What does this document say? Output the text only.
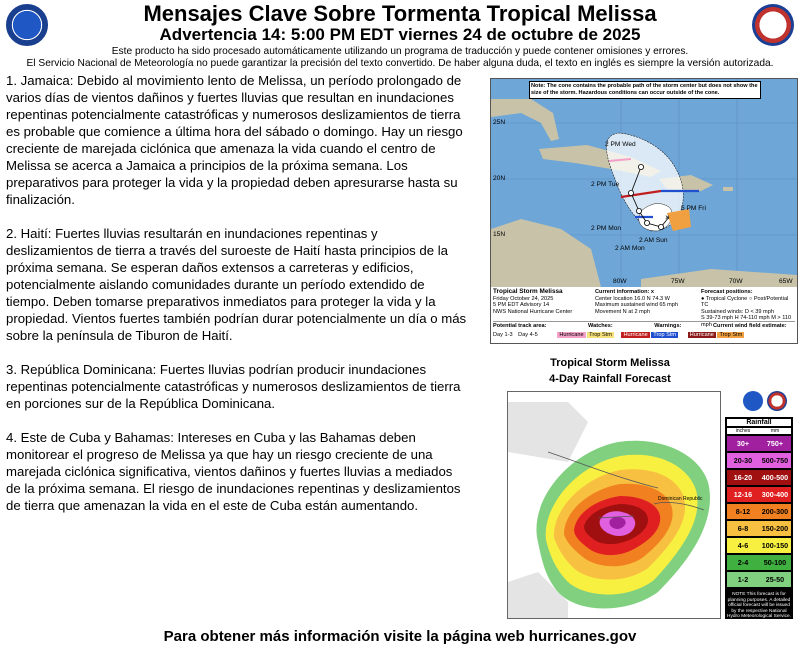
Mensajes Clave Sobre Tormenta Tropical Melissa
Advertencia 14: 5:00 PM EDT viernes 24 de octubre de 2025
Este producto ha sido procesado automáticamente utilizando un programa de traducción y puede contener omisiones y errores.
El Servicio Nacional de Meteorología no puede garantizar la precisión del texto convertido. De haber alguna duda, el texto en inglés es siempre la versión autorizada.

1. Jamaica: Debido al movimiento lento de Melissa, un período prolongado de varios días de vientos dañinos y fuertes lluvias que resultan en inundaciones repentinas potencialmente catastróficas y numerosos deslizamientos de tierra es probable que comience a última hora del sábado o domingo. Hay un riesgo creciente de marejada ciclónica que amenaza la vida cuando el centro de Melissa se acerca a Jamaica a principios de la próxima semana. Los preparativos para proteger la vida y la propiedad deben apresurarse hasta su finalización.

2. Haití: Fuertes lluvias resultarán en inundaciones repentinas y deslizamientos de tierra a través del suroeste de Haití hasta principios de la próxima semana. Se esperan daños extensos a carreteras y edificios, potencialmente aislando comunidades durante un período extendido de tiempo. Deben tomarse preparativos inmediatos para proteger la vida y la propiedad. Vientos fuertes también podrían durar potencialmente un día o más sobre la península de Tiburon de Haití.

3. República Dominicana: Fuertes lluvias podrían producir inundaciones repentinas potencialmente catastróficas y numerosos deslizamientos de tierra en porciones sur de la República Dominicana.

4. Este de Cuba y Bahamas: Intereses en Cuba y las Bahamas deben monitorear el progreso de Melissa ya que hay un riesgo creciente de una marejada ciclónica significativa, vientos dañinos y fuertes lluvias a mediados de la próxima semana. El riesgo de inundaciones repentinas y deslizamientos de tierra que amenazan la vida en el este de Cuba están aumentando.

×
Note: The cone contains the probable path of the storm center but does not show the size of the storm. Hazardous conditions can occur outside of the cone.
25N
20N
15N
80W	75W	70W	65W
2 PM Wed
2 PM Tue
2 PM Mon
2 AM Mon
2 AM Sun
5 PM Fri
Tropical Storm Melissa
Friday October 24, 2025
5 PM EDT Advisory 14
NWS National Hurricane Center
Current information: x
Center location 16.0 N 74.3 W
Maximum sustained wind 65 mph
Movement N at 2 mph
Forecast positions:
● Tropical Cyclone ○ Post/Potential TC
Sustained winds: D < 39 mph
S 39-73 mph H 74-110 mph M > 110 mph
Potential track area:	Watches:	Warnings:	Current wind field estimate:
Day 1-3 Day 4-5	Hurricane Trop Stm Hurricane Trop Stm Hurricane Trop Stm
Tropical Storm Melissa
4-Day Rainfall Forecast
Dominican Republic
Rainfall
inches	mm
30+	750+
20-30	500-750
16-20	400-500
12-16	300-400
8-12	200-300
6-8	150-200
4-6	100-150
2-4	50-100
1-2	25-50
NOTE This forecast is for planning purposes. A detailed official forecast will be issued by the respective National Hydro Meteorological Service.
Para obtener más información visite la página web hurricanes.gov
